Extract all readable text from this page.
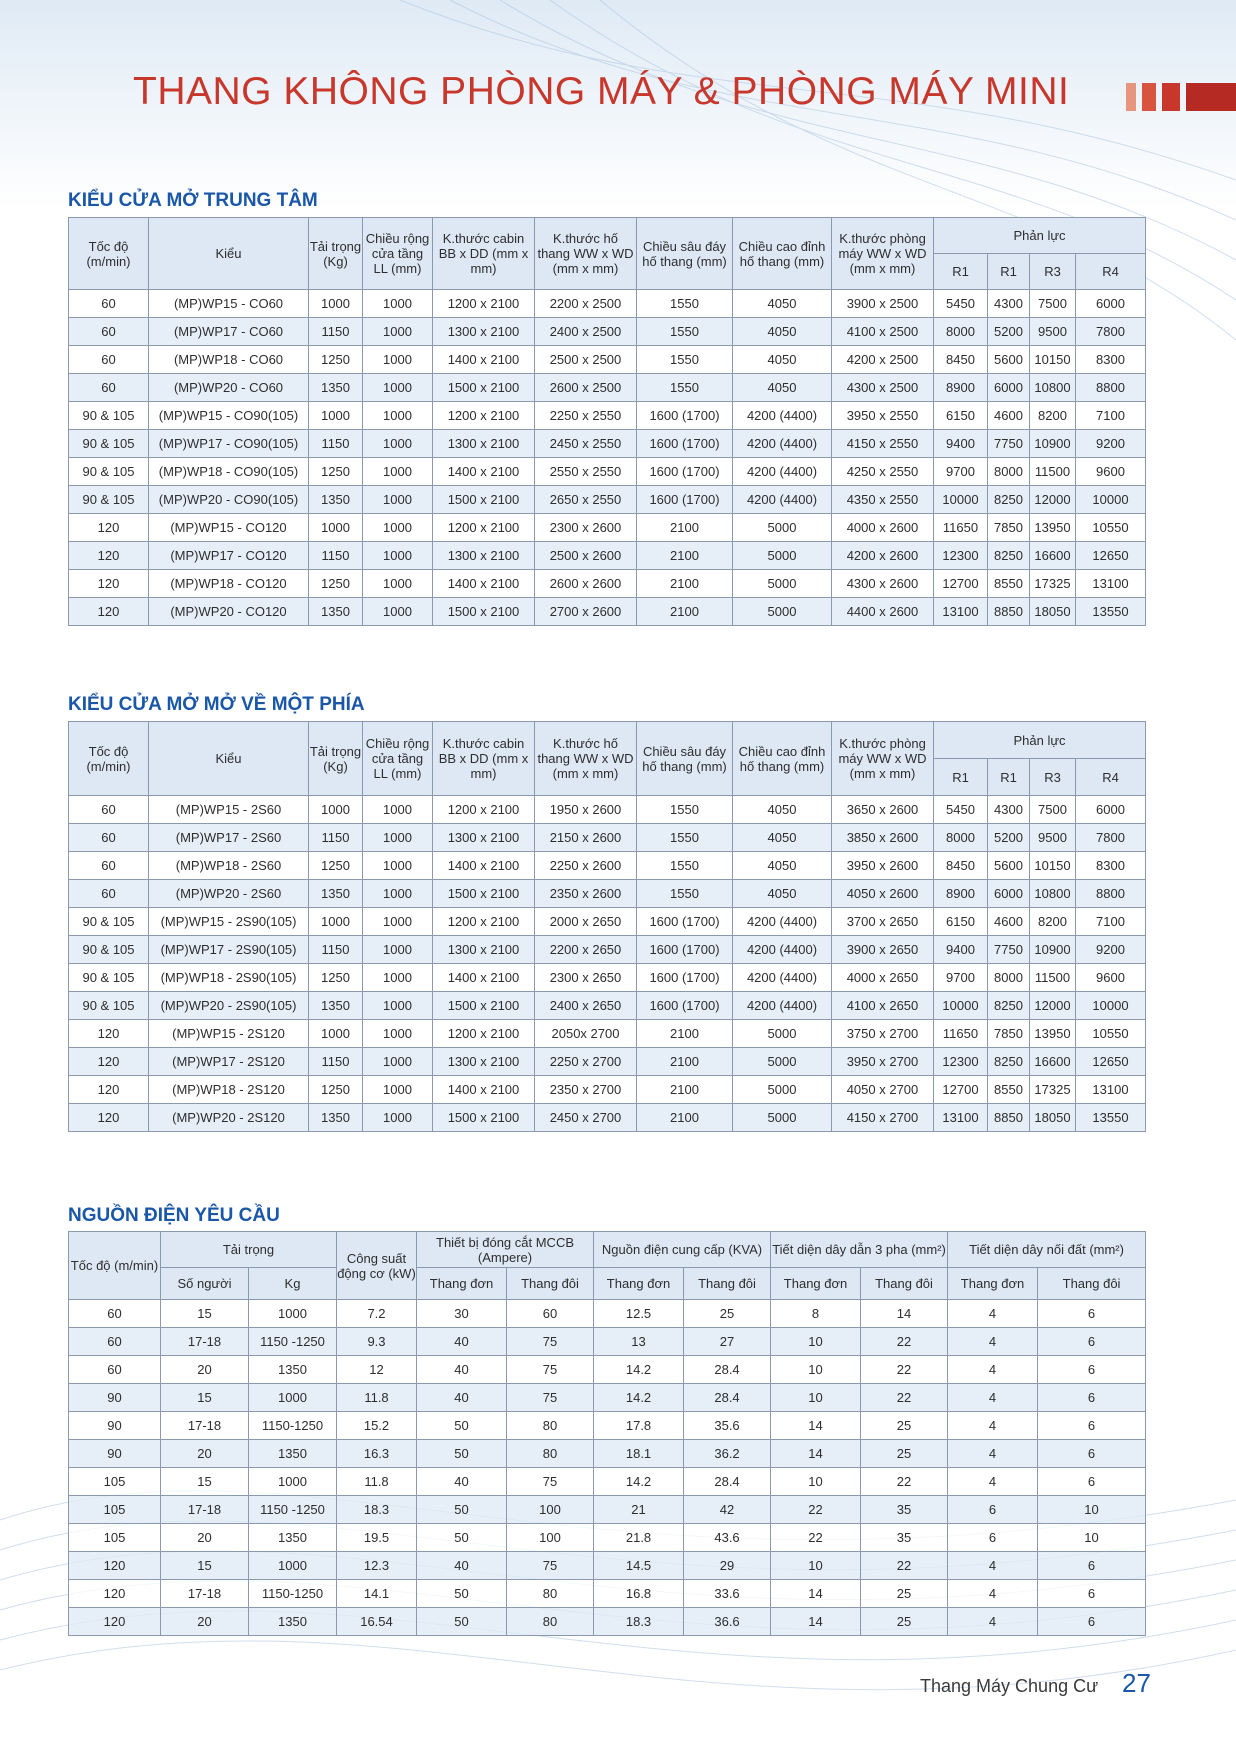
THANG KHÔNG PHÒNG MÁY & PHÒNG MÁY MINI
KIỂU CỬA MỞ TRUNG TÂM
Tốc độ (m/min)	Kiểu	Tải trọng (Kg)	Chiều rộng cửa tầng LL (mm)	K.thước cabin BB x DD (mm x mm)	K.thước hố thang WW x WD (mm x mm)	Chiều sâu đáy hố thang (mm)	Chiều cao đỉnh hố thang (mm)	K.thước phòng máy WW x WD (mm x mm)	Phản lực			
									R1	R1	R3	R4
60	(MP)WP15 - CO60	1000	1000	1200 x 2100	2200 x 2500	1550	4050	3900 x 2500	5450	4300	7500	6000
60	(MP)WP17 - CO60	1150	1000	1300 x 2100	2400 x 2500	1550	4050	4100 x 2500	8000	5200	9500	7800
60	(MP)WP18 - CO60	1250	1000	1400 x 2100	2500 x 2500	1550	4050	4200 x 2500	8450	5600	10150	8300
60	(MP)WP20 - CO60	1350	1000	1500 x 2100	2600 x 2500	1550	4050	4300 x 2500	8900	6000	10800	8800
90 & 105	(MP)WP15 - CO90(105)	1000	1000	1200 x 2100	2250 x 2550	1600 (1700)	4200 (4400)	3950 x 2550	6150	4600	8200	7100
90 & 105	(MP)WP17 - CO90(105)	1150	1000	1300 x 2100	2450 x 2550	1600 (1700)	4200 (4400)	4150 x 2550	9400	7750	10900	9200
90 & 105	(MP)WP18 - CO90(105)	1250	1000	1400 x 2100	2550 x 2550	1600 (1700)	4200 (4400)	4250 x 2550	9700	8000	11500	9600
90 & 105	(MP)WP20 - CO90(105)	1350	1000	1500 x 2100	2650 x 2550	1600 (1700)	4200 (4400)	4350 x 2550	10000	8250	12000	10000
120	(MP)WP15 - CO120	1000	1000	1200 x 2100	2300 x 2600	2100	5000	4000 x 2600	11650	7850	13950	10550
120	(MP)WP17 - CO120	1150	1000	1300 x 2100	2500 x 2600	2100	5000	4200 x 2600	12300	8250	16600	12650
120	(MP)WP18 - CO120	1250	1000	1400 x 2100	2600 x 2600	2100	5000	4300 x 2600	12700	8550	17325	13100
120	(MP)WP20 - CO120	1350	1000	1500 x 2100	2700 x 2600	2100	5000	4400 x 2600	13100	8850	18050	13550
KIỂU CỬA MỞ MỞ VỀ MỘT PHÍA
Tốc độ (m/min)	Kiểu	Tải trọng (Kg)	Chiều rộng cửa tầng LL (mm)	K.thước cabin BB x DD (mm x mm)	K.thước hố thang WW x WD (mm x mm)	Chiều sâu đáy hố thang (mm)	Chiều cao đỉnh hố thang (mm)	K.thước phòng máy WW x WD (mm x mm)	Phản lực			
									R1	R1	R3	R4
60	(MP)WP15 - 2S60	1000	1000	1200 x 2100	1950 x 2600	1550	4050	3650 x 2600	5450	4300	7500	6000
60	(MP)WP17 - 2S60	1150	1000	1300 x 2100	2150 x 2600	1550	4050	3850 x 2600	8000	5200	9500	7800
60	(MP)WP18 - 2S60	1250	1000	1400 x 2100	2250 x 2600	1550	4050	3950 x 2600	8450	5600	10150	8300
60	(MP)WP20 - 2S60	1350	1000	1500 x 2100	2350 x 2600	1550	4050	4050 x 2600	8900	6000	10800	8800
90 & 105	(MP)WP15 - 2S90(105)	1000	1000	1200 x 2100	2000 x 2650	1600 (1700)	4200 (4400)	3700 x 2650	6150	4600	8200	7100
90 & 105	(MP)WP17 - 2S90(105)	1150	1000	1300 x 2100	2200 x 2650	1600 (1700)	4200 (4400)	3900 x 2650	9400	7750	10900	9200
90 & 105	(MP)WP18 - 2S90(105)	1250	1000	1400 x 2100	2300 x 2650	1600 (1700)	4200 (4400)	4000 x 2650	9700	8000	11500	9600
90 & 105	(MP)WP20 - 2S90(105)	1350	1000	1500 x 2100	2400 x 2650	1600 (1700)	4200 (4400)	4100 x 2650	10000	8250	12000	10000
120	(MP)WP15 - 2S120	1000	1000	1200 x 2100	2050x 2700	2100	5000	3750 x 2700	11650	7850	13950	10550
120	(MP)WP17 - 2S120	1150	1000	1300 x 2100	2250 x 2700	2100	5000	3950 x 2700	12300	8250	16600	12650
120	(MP)WP18 - 2S120	1250	1000	1400 x 2100	2350 x 2700	2100	5000	4050 x 2700	12700	8550	17325	13100
120	(MP)WP20 - 2S120	1350	1000	1500 x 2100	2450 x 2700	2100	5000	4150 x 2700	13100	8850	18050	13550
NGUỒN ĐIỆN YÊU CẦU
Tốc độ (m/min)	Tải trọng		Công suất động cơ (kW)	Thiết bị đóng cắt MCCB (Ampere)		Nguồn điện cung cấp (KVA)		Tiết diện dây dẫn 3 pha (mm²)		Tiết diện dây nối đất (mm²)	
	Số người	Kg		Thang đơn	Thang đôi	Thang đơn	Thang đôi	Thang đơn	Thang đôi	Thang đơn	Thang đôi
60	15	1000	7.2	30	60	12.5	25	8	14	4	6
60	17-18	1150 -1250	9.3	40	75	13	27	10	22	4	6
60	20	1350	12	40	75	14.2	28.4	10	22	4	6
90	15	1000	11.8	40	75	14.2	28.4	10	22	4	6
90	17-18	1150-1250	15.2	50	80	17.8	35.6	14	25	4	6
90	20	1350	16.3	50	80	18.1	36.2	14	25	4	6
105	15	1000	11.8	40	75	14.2	28.4	10	22	4	6
105	17-18	1150 -1250	18.3	50	100	21	42	22	35	6	10
105	20	1350	19.5	50	100	21.8	43.6	22	35	6	10
120	15	1000	12.3	40	75	14.5	29	10	22	4	6
120	17-18	1150-1250	14.1	50	80	16.8	33.6	14	25	4	6
120	20	1350	16.54	50	80	18.3	36.6	14	25	4	6
Thang Máy Chung Cư 27
